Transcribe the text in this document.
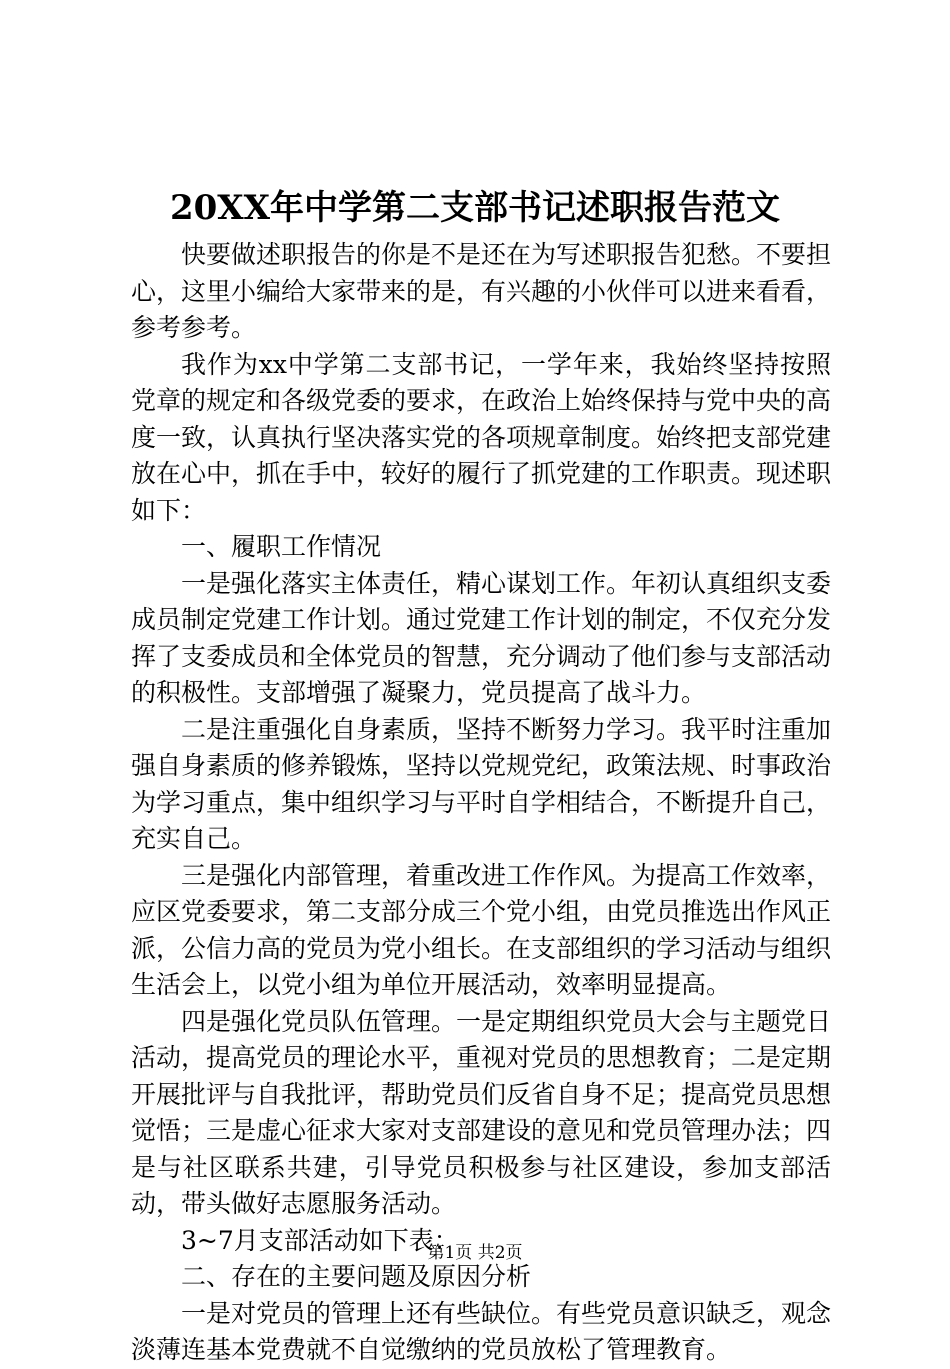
20XX年中学第二支部书记述职报告范文

快要做述职报告的你是不是还在为写述职报告犯愁。不要担心，这里小编给大家带来的是，有兴趣的小伙伴可以进来看看，参考参考。

我作为xx中学第二支部书记，一学年来，我始终坚持按照党章的规定和各级党委的要求，在政治上始终保持与党中央的高度一致，认真执行坚决落实党的各项规章制度。始终把支部党建放在心中，抓在手中，较好的履行了抓党建的工作职责。现述职如下：

一、履职工作情况

一是强化落实主体责任，精心谋划工作。年初认真组织支委成员制定党建工作计划。通过党建工作计划的制定，不仅充分发挥了支委成员和全体党员的智慧，充分调动了他们参与支部活动的积极性。支部增强了凝聚力，党员提高了战斗力。

二是注重强化自身素质，坚持不断努力学习。我平时注重加强自身素质的修养锻炼，坚持以党规党纪，政策法规、时事政治为学习重点，集中组织学习与平时自学相结合，不断提升自己，充实自己。

三是强化内部管理，着重改进工作作风。为提高工作效率，应区党委要求，第二支部分成三个党小组，由党员推选出作风正派，公信力高的党员为党小组长。在支部组织的学习活动与组织生活会上，以党小组为单位开展活动，效率明显提高。

四是强化党员队伍管理。一是定期组织党员大会与主题党日活动，提高党员的理论水平，重视对党员的思想教育；二是定期开展批评与自我批评，帮助党员们反省自身不足；提高党员思想觉悟；三是虚心征求大家对支部建设的意见和党员管理办法；四是与社区联系共建，引导党员积极参与社区建设，参加支部活动，带头做好志愿服务活动。

3~7月支部活动如下表：

二、存在的主要问题及原因分析

一是对党员的管理上还有些缺位。有些党员意识缺乏，观念淡薄连基本党费就不自觉缴纳的党员放松了管理教育。

第1页 共2页
